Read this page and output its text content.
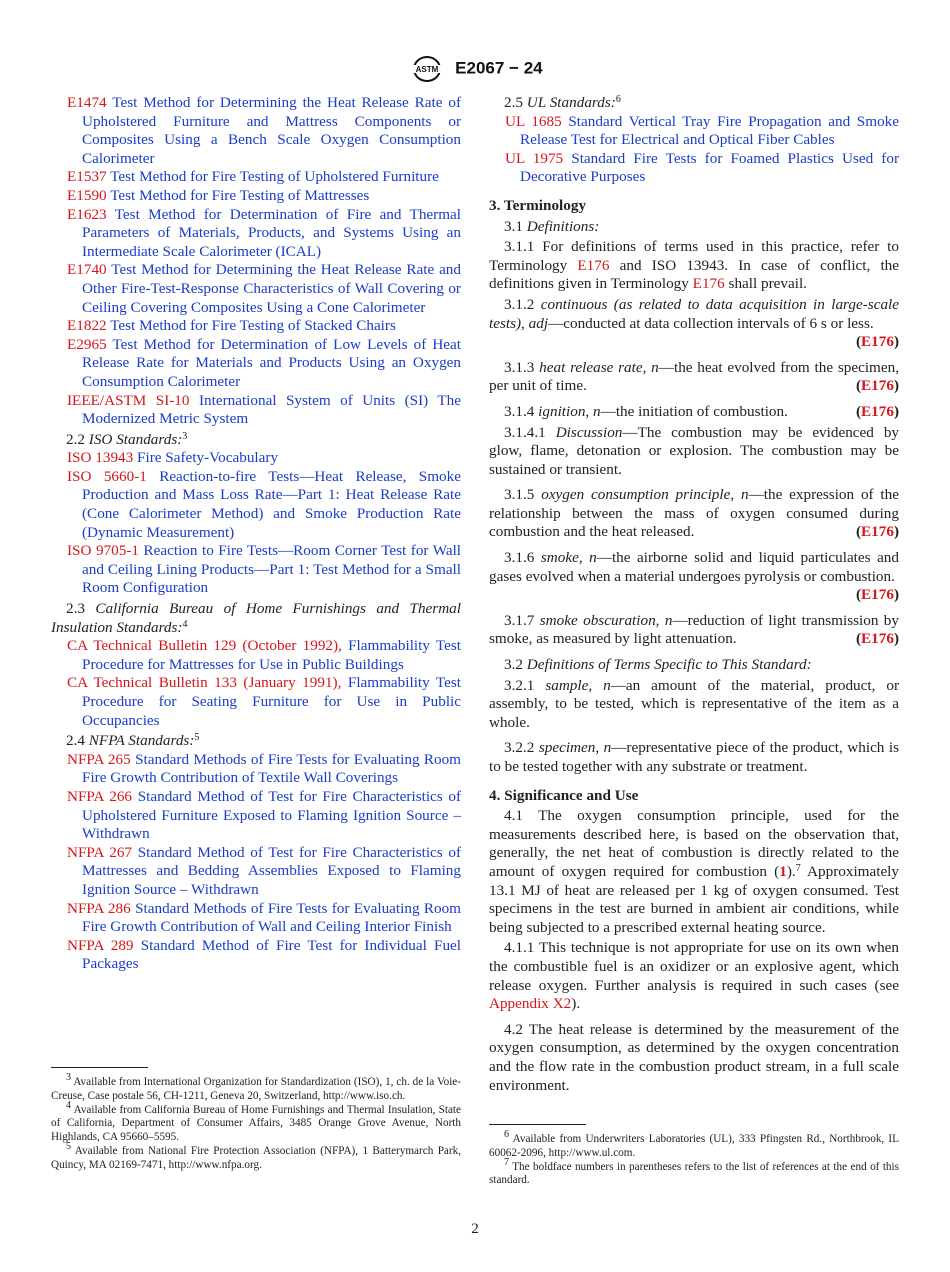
ASTM E2067 − 24
E1474 Test Method for Determining the Heat Release Rate of Upholstered Furniture and Mattress Components or Composites Using a Bench Scale Oxygen Consumption Calorimeter
E1537 Test Method for Fire Testing of Upholstered Furniture
E1590 Test Method for Fire Testing of Mattresses
E1623 Test Method for Determination of Fire and Thermal Parameters of Materials, Products, and Systems Using an Intermediate Scale Calorimeter (ICAL)
E1740 Test Method for Determining the Heat Release Rate and Other Fire-Test-Response Characteristics of Wall Covering or Ceiling Covering Composites Using a Cone Calorimeter
E1822 Test Method for Fire Testing of Stacked Chairs
E2965 Test Method for Determination of Low Levels of Heat Release Rate for Materials and Products Using an Oxygen Consumption Calorimeter
IEEE/ASTM SI-10 International System of Units (SI) The Modernized Metric System
2.2 ISO Standards:$^3$
ISO 13943 Fire Safety-Vocabulary
ISO 5660-1 Reaction-to-fire Tests—Heat Release, Smoke Production and Mass Loss Rate—Part 1: Heat Release Rate (Cone Calorimeter Method) and Smoke Production Rate (Dynamic Measurement)
ISO 9705-1 Reaction to Fire Tests—Room Corner Test for Wall and Ceiling Lining Products—Part 1: Test Method for a Small Room Configuration
2.3 California Bureau of Home Furnishings and Thermal Insulation Standards:$^4$
CA Technical Bulletin 129 (October 1992), Flammability Test Procedure for Mattresses for Use in Public Buildings
CA Technical Bulletin 133 (January 1991), Flammability Test Procedure for Seating Furniture for Use in Public Occupancies
2.4 NFPA Standards:$^5$
NFPA 265 Standard Methods of Fire Tests for Evaluating Room Fire Growth Contribution of Textile Wall Coverings
NFPA 266 Standard Method of Test for Fire Characteristics of Upholstered Furniture Exposed to Flaming Ignition Source – Withdrawn
NFPA 267 Standard Method of Test for Fire Characteristics of Mattresses and Bedding Assemblies Exposed to Flaming Ignition Source – Withdrawn
NFPA 286 Standard Methods of Fire Tests for Evaluating Room Fire Growth Contribution of Wall and Ceiling Interior Finish
NFPA 289 Standard Method of Fire Test for Individual Fuel Packages
2.5 UL Standards:$^6$
UL 1685 Standard Vertical Tray Fire Propagation and Smoke Release Test for Electrical and Optical Fiber Cables
UL 1975 Standard Fire Tests for Foamed Plastics Used for Decorative Purposes
3. Terminology
3.1 Definitions:
3.1.1 For definitions of terms used in this practice, refer to Terminology E176 and ISO 13943. In case of conflict, the definitions given in Terminology E176 shall prevail.
3.1.2 continuous (as related to data acquisition in large-scale tests), adj—conducted at data collection intervals of 6 s or less.
(E176)
3.1.3 heat release rate, n—the heat evolved from the specimen, per unit of time.	(E176)
3.1.4 ignition, n—the initiation of combustion.	(E176)
3.1.4.1 Discussion—The combustion may be evidenced by glow, flame, detonation or explosion. The combustion may be sustained or transient.
3.1.5 oxygen consumption principle, n—the expression of the relationship between the mass of oxygen consumed during combustion and the heat released.	(E176)
3.1.6 smoke, n—the airborne solid and liquid particulates and gases evolved when a material undergoes pyrolysis or combustion.
(E176)
3.1.7 smoke obscuration, n—reduction of light transmission by smoke, as measured by light attenuation.	(E176)
3.2 Definitions of Terms Specific to This Standard:
3.2.1 sample, n—an amount of the material, product, or assembly, to be tested, which is representative of the item as a whole.
3.2.2 specimen, n—representative piece of the product, which is to be tested together with any substrate or treatment.
4. Significance and Use
4.1 The oxygen consumption principle, used for the measurements described here, is based on the observation that, generally, the net heat of combustion is directly related to the amount of oxygen required for combustion (1).$^7$ Approximately 13.1 MJ of heat are released per 1 kg of oxygen consumed. Test specimens in the test are burned in ambient air conditions, while being subjected to a prescribed external heating source.
4.1.1 This technique is not appropriate for use on its own when the combustible fuel is an oxidizer or an explosive agent, which release oxygen. Further analysis is required in such cases (see Appendix X2).
4.2 The heat release is determined by the measurement of the oxygen consumption, as determined by the oxygen concentration and the flow rate in the combustion product stream, in a full scale environment.
$^3$ Available from International Organization for Standardization (ISO), 1, ch. de la Voie-Creuse, Case postale 56, CH-1211, Geneva 20, Switzerland, http://www.iso.ch.
$^4$ Available from California Bureau of Home Furnishings and Thermal Insulation, State of California, Department of Consumer Affairs, 3485 Orange Grove Avenue, North Highlands, CA 95660–5595.
$^5$ Available from National Fire Protection Association (NFPA), 1 Batterymarch Park, Quincy, MA 02169-7471, http://www.nfpa.org.
$^6$ Available from Underwriters Laboratories (UL), 333 Pfingsten Rd., Northbrook, IL 60062-2096, http://www.ul.com.
$^7$ The boldface numbers in parentheses refers to the list of references at the end of this standard.
2
